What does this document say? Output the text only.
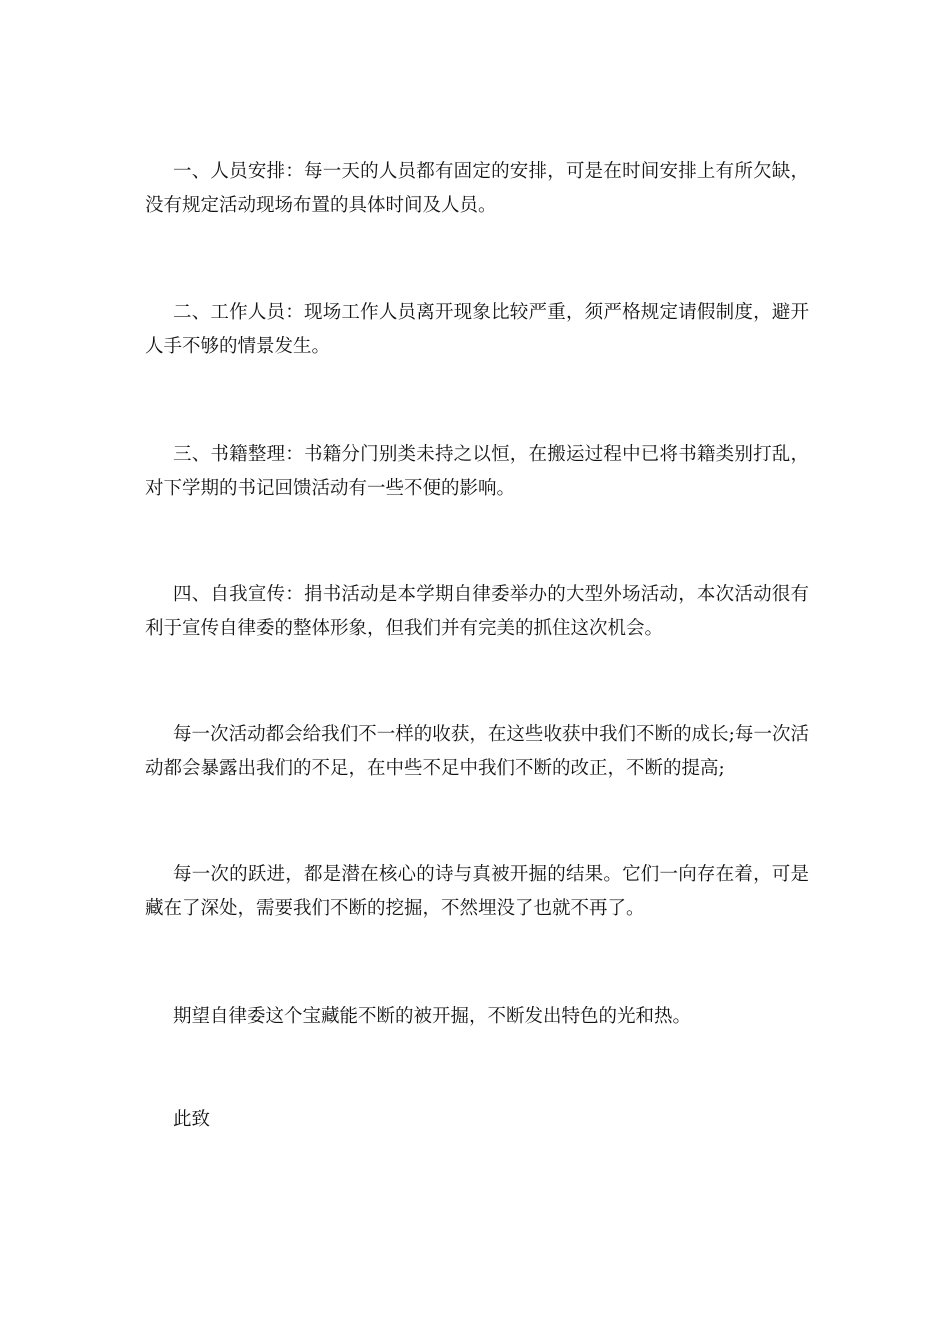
一、人员安排：每一天的人员都有固定的安排，可是在时间安排上有所欠缺，没有规定活动现场布置的具体时间及人员。

二、工作人员：现场工作人员离开现象比较严重，须严格规定请假制度，避开人手不够的情景发生。

三、书籍整理：书籍分门别类未持之以恒，在搬运过程中已将书籍类别打乱，对下学期的书记回馈活动有一些不便的影响。

四、自我宣传：捐书活动是本学期自律委举办的大型外场活动，本次活动很有利于宣传自律委的整体形象，但我们并有完美的抓住这次机会。

每一次活动都会给我们不一样的收获，在这些收获中我们不断的成长;每一次活动都会暴露出我们的不足，在中些不足中我们不断的改正，不断的提高;

每一次的跃进，都是潜在核心的诗与真被开掘的结果。它们一向存在着，可是藏在了深处，需要我们不断的挖掘，不然埋没了也就不再了。

期望自律委这个宝藏能不断的被开掘，不断发出特色的光和热。

此致
